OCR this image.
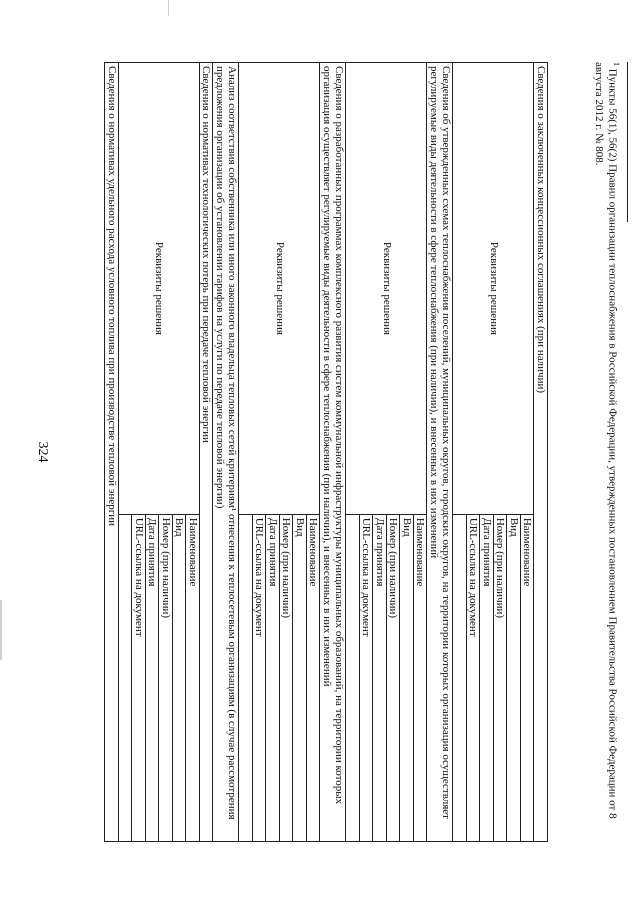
324
Сведения о заключенных концессионных соглашениях (при наличии)	
Реквизиты решения	Наименование
	Вид
	Номер (при наличии)
	Дата принятия
	URL-ссылка на документ

Сведения об утвержденных схемах теплоснабжения поселений, муниципальных округов, городских округов, на территории которых организация осуществляет регулируемые виды деятельности в сфере теплоснабжения (при наличии), и внесенных в них изменений	
Реквизиты решения	Наименование
	Вид
	Номер (при наличии)
	Дата принятия
	URL-ссылка на документ

Сведения о разработанных программах комплексного развития систем коммунальной инфраструктуры муниципальных образований, на территории которых организация осуществляет регулируемые виды деятельности в сфере теплоснабжения (при наличии), и внесенных в них изменений	
Реквизиты решения	Наименование
	Вид
	Номер (при наличии)
	Дата принятия
	URL-ссылка на документ

Анализ соответствия собственника или иного законного владельца тепловых сетей критериям¹ отнесения к теплосетевым организациям (в случае рассмотрения предложения организации об установлении тарифов на услуги по передаче тепловой энергии)	
Сведения о нормативах технологических потерь при передаче тепловой энергии	
Реквизиты решения	Наименование
	Вид
	Номер (при наличии)
	Дата принятия
	URL-ссылка на документ

Сведения о нормативах удельного расхода условного топлива при производстве тепловой энергии	
$^1$ Пункты 56(1), 56(2) Правил организации теплоснабжения в Российской Федерации, утвержденных постановлением Правительства Российской Федерации от 8 августа 2012 г. № 808.
